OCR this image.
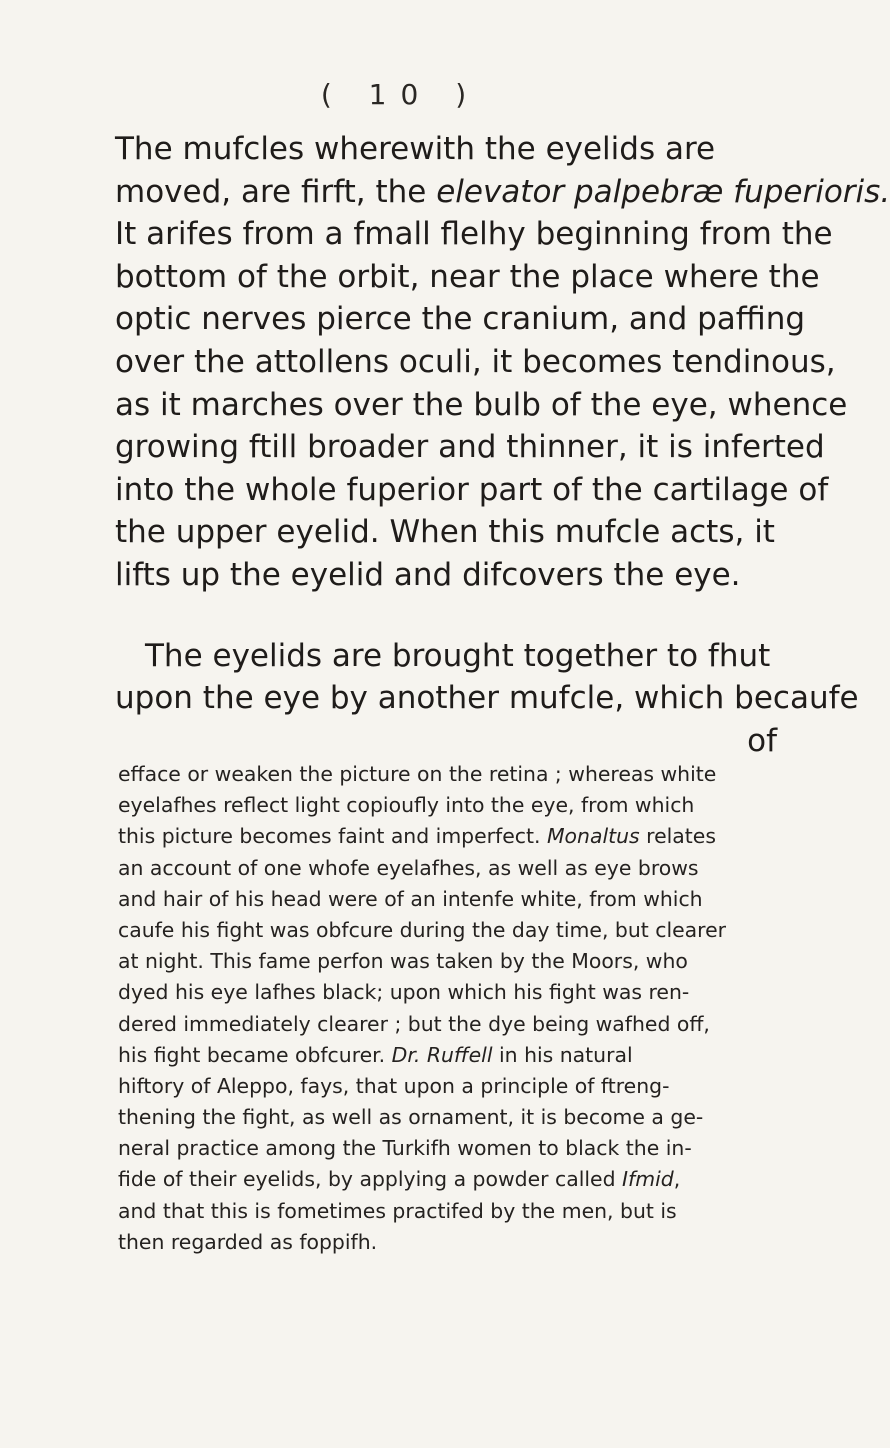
( 10 )
The mufcles wherewith the eyelids are
moved, are firft, the elevator palpebræ fuperioris.
It arifes from a fmall flelhy beginning from the
bottom of the orbit, near the place where the
optic nerves pierce the cranium, and paffing
over the attollens oculi, it becomes tendinous,
as it marches over the bulb of the eye, whence
growing ftill broader and thinner, it is inferted
into the whole fuperior part of the cartilage of
the upper eyelid. When this mufcle acts, it
lifts up the eyelid and difcovers the eye.
The eyelids are brought together to fhut
upon the eye by another mufcle, which becaufe
of
efface or weaken the picture on the retina ; whereas white
eyelafhes reflect light copioufly into the eye, from which
this picture becomes faint and imperfect. Monaltus relates
an account of one whofe eyelafhes, as well as eye brows
and hair of his head were of an intenfe white, from which
caufe his fight was obfcure during the day time, but clearer
at night. This fame perfon was taken by the Moors, who
dyed his eye lafhes black; upon which his fight was ren-
dered immediately clearer ; but the dye being wafhed off,
his fight became obfcurer. Dr. Ruffell in his natural
hiftory of Aleppo, fays, that upon a principle of ftreng-
thening the fight, as well as ornament, it is become a ge-
neral practice among the Turkifh women to black the in-
fide of their eyelids, by applying a powder called Ifmid,
and that this is fometimes practifed by the men, but is
then regarded as foppifh.
